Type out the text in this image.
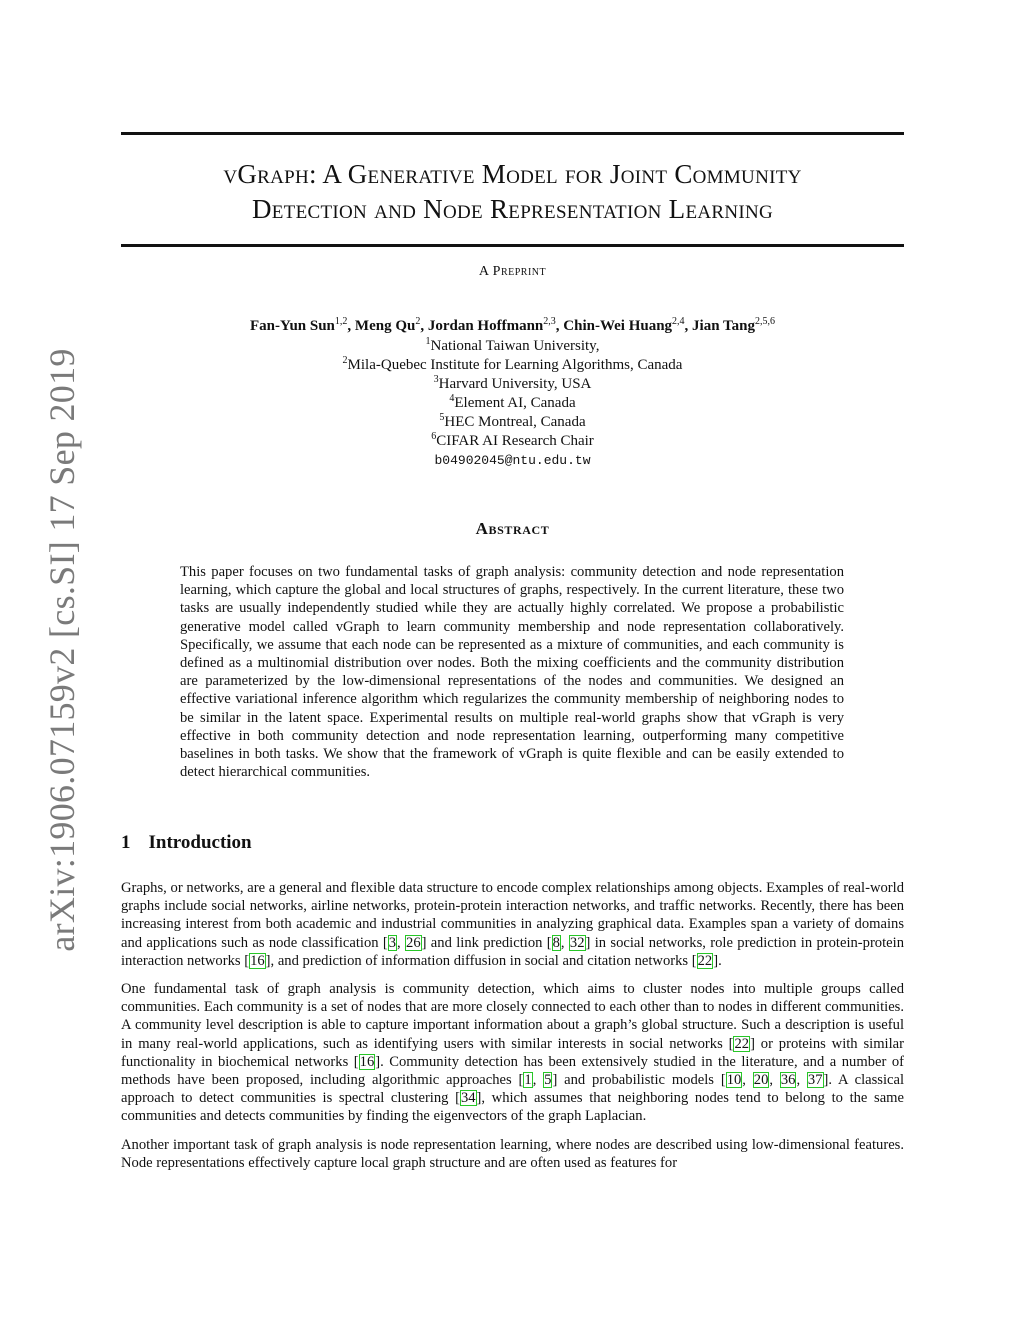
arXiv:1906.07159v2 [cs.SI] 17 Sep 2019
vGraph: A Generative Model for Joint Community
Detection and Node Representation Learning
A Preprint
Fan-Yun Sun$^{1,2}$, Meng Qu$^2$, Jordan Hoffmann$^{2,3}$, Chin-Wei Huang$^{2,4}$, Jian Tang$^{2,5,6}$
$^1$National Taiwan University,
$^2$Mila-Quebec Institute for Learning Algorithms, Canada
$^3$Harvard University, USA
$^4$Element AI, Canada
$^5$HEC Montreal, Canada
$^6$CIFAR AI Research Chair
b04902045@ntu.edu.tw
Abstract
This paper focuses on two fundamental tasks of graph analysis: community detection and node representation learning, which capture the global and local structures of graphs, respectively. In the current literature, these two tasks are usually independently studied while they are actually highly correlated. We propose a probabilistic generative model called vGraph to learn community membership and node representation collaboratively. Specifically, we assume that each node can be represented as a mixture of communities, and each community is defined as a multinomial distribution over nodes. Both the mixing coefficients and the community distribution are parameterized by the low-dimensional representations of the nodes and communities. We designed an effective variational inference algorithm which regularizes the community membership of neighboring nodes to be similar in the latent space. Experimental results on multiple real-world graphs show that vGraph is very effective in both community detection and node representation learning, outperforming many competitive baselines in both tasks. We show that the framework of vGraph is quite flexible and can be easily extended to detect hierarchical communities.
1 Introduction

Graphs, or networks, are a general and flexible data structure to encode complex relationships among objects. Examples of real-world graphs include social networks, airline networks, protein-protein interaction networks, and traffic networks. Recently, there has been increasing interest from both academic and industrial communities in analyzing graphical data. Examples span a variety of domains and applications such as node classification [3, 26] and link prediction [8, 32] in social networks, role prediction in protein-protein interaction networks [16], and prediction of information diffusion in social and citation networks [22].

One fundamental task of graph analysis is community detection, which aims to cluster nodes into multiple groups called communities. Each community is a set of nodes that are more closely connected to each other than to nodes in different communities. A community level description is able to capture important information about a graph’s global structure. Such a description is useful in many real-world applications, such as identifying users with similar interests in social networks [22] or proteins with similar functionality in biochemical networks [16]. Community detection has been extensively studied in the literature, and a number of methods have been proposed, including algorithmic approaches [1, 5] and probabilistic models [10, 20, 36, 37]. A classical approach to detect communities is spectral clustering [34], which assumes that neighboring nodes tend to belong to the same communities and detects communities by finding the eigenvectors of the graph Laplacian.

Another important task of graph analysis is node representation learning, where nodes are described using low-dimensional features. Node representations effectively capture local graph structure and are often used as features for
